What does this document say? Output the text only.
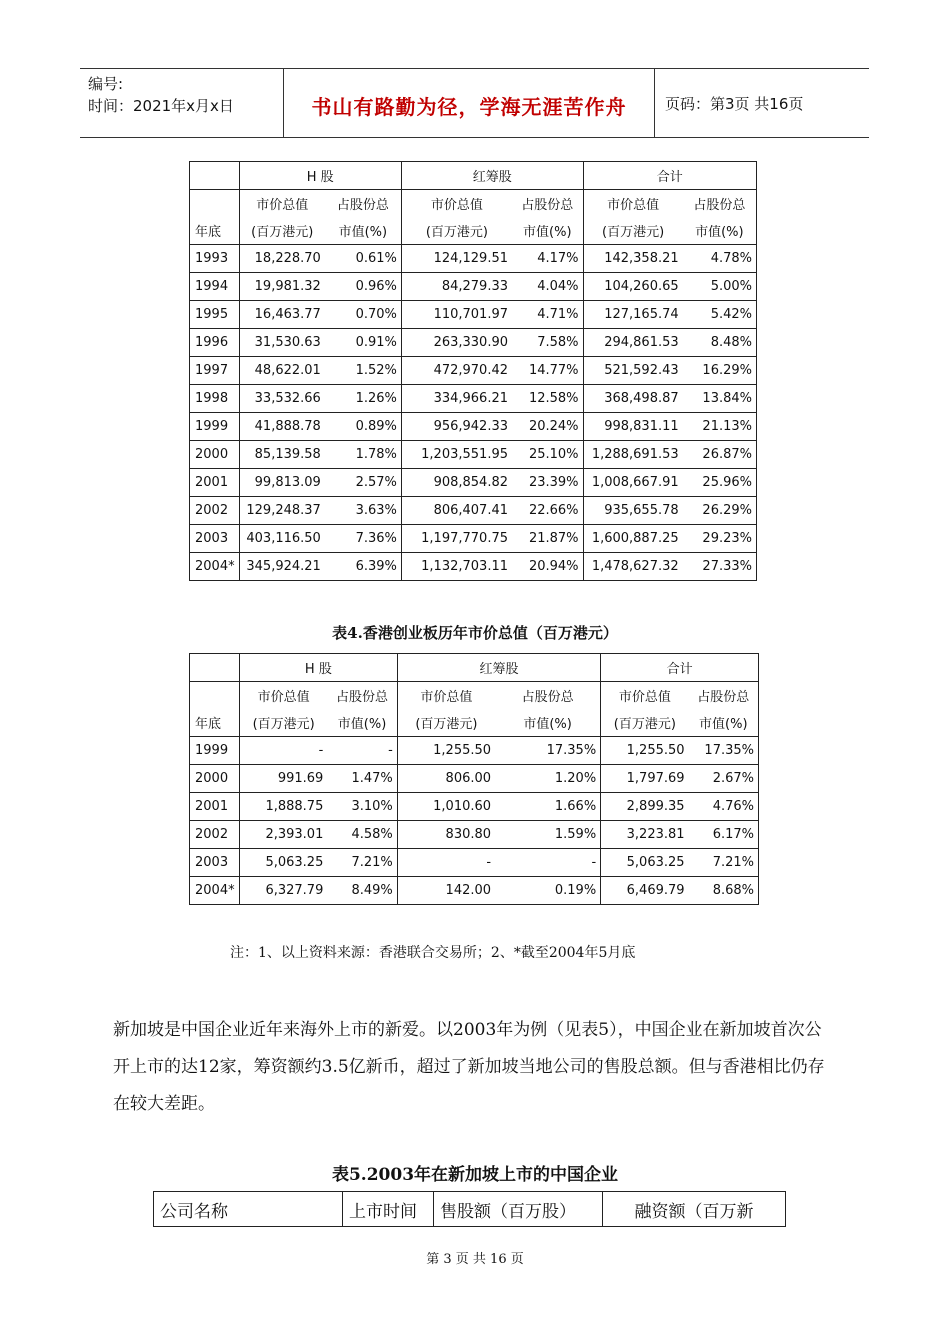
编号:
时间：2021年x月x日	书山有路勤为径，学海无涯苦作舟	页码：第3页 共16页
	H 股		红筹股		合计	
	市价总值	占股份总	市价总值	占股份总	市价总值	占股份总
年底	(百万港元)	市值(%)	(百万港元)	市值(%)	(百万港元)	市值(%)
1993	18,228.70	0.61%	124,129.51	4.17%	142,358.21	4.78%
1994	19,981.32	0.96%	84,279.33	4.04%	104,260.65	5.00%
1995	16,463.77	0.70%	110,701.97	4.71%	127,165.74	5.42%
1996	31,530.63	0.91%	263,330.90	7.58%	294,861.53	8.48%
1997	48,622.01	1.52%	472,970.42	14.77%	521,592.43	16.29%
1998	33,532.66	1.26%	334,966.21	12.58%	368,498.87	13.84%
1999	41,888.78	0.89%	956,942.33	20.24%	998,831.11	21.13%
2000	85,139.58	1.78%	1,203,551.95	25.10%	1,288,691.53	26.87%
2001	99,813.09	2.57%	908,854.82	23.39%	1,008,667.91	25.96%
2002	129,248.37	3.63%	806,407.41	22.66%	935,655.78	26.29%
2003	403,116.50	7.36%	1,197,770.75	21.87%	1,600,887.25	29.23%
2004*	345,924.21	6.39%	1,132,703.11	20.94%	1,478,627.32	27.33%
表4.香港创业板历年市价总值（百万港元）
	H 股		红筹股		合计	
	市价总值	占股份总	市价总值	占股份总	市价总值	占股份总
年底	(百万港元)	市值(%)	(百万港元)	市值(%)	(百万港元)	市值(%)
1999	-	-	1,255.50	17.35%	1,255.50	17.35%
2000	991.69	1.47%	806.00	1.20%	1,797.69	2.67%
2001	1,888.75	3.10%	1,010.60	1.66%	2,899.35	4.76%
2002	2,393.01	4.58%	830.80	1.59%	3,223.81	6.17%
2003	5,063.25	7.21%	-	-	5,063.25	7.21%
2004*	6,327.79	8.49%	142.00	0.19%	6,469.79	8.68%
注：1、以上资料来源：香港联合交易所；2、*截至2004年5月底
新加坡是中国企业近年来海外上市的新爱。以2003年为例（见表5），中国企业在新加坡首次公开上市的达12家，筹资额约3.5亿新币，超过了新加坡当地公司的售股总额。但与香港相比仍存在较大差距。
表5.2003年在新加坡上市的中国企业
公司名称	上市时间	售股额（百万股）	融资额（百万新
第 3 页 共 16 页
